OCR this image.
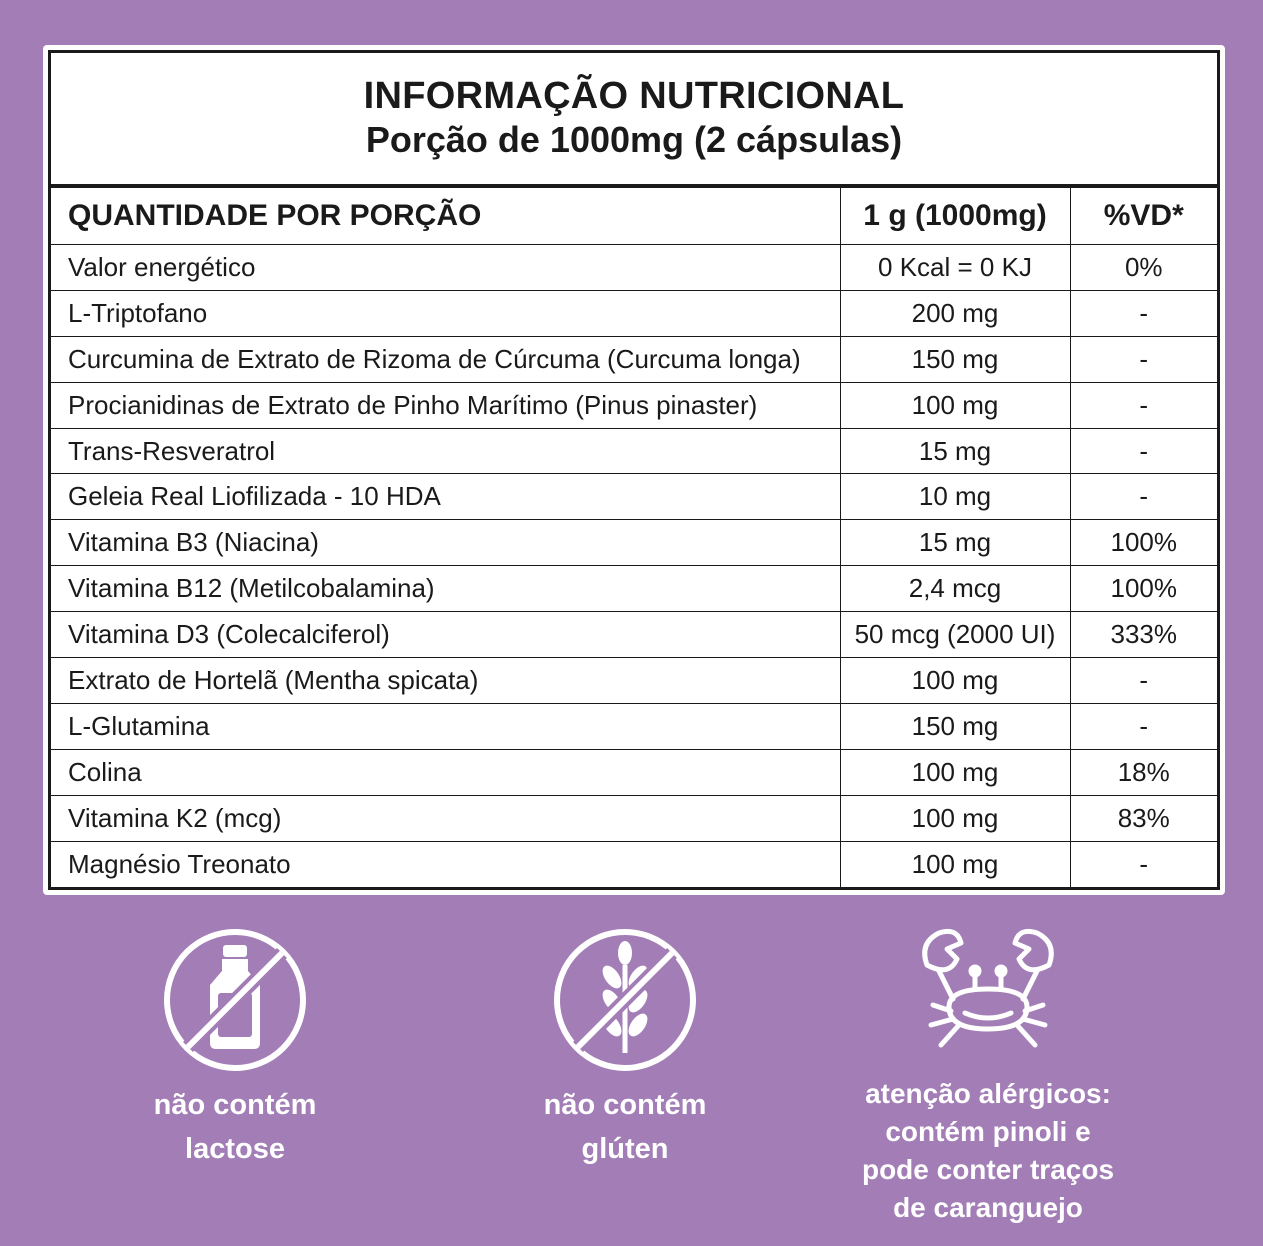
INFORMAÇÃO NUTRICIONAL
Porção de 1000mg (2 cápsulas)
QUANTIDADE POR PORÇÃO	1 g (1000mg)	%VD*
Valor energético	0 Kcal = 0 KJ	0%
L-Triptofano	200 mg	-
Curcumina de Extrato de Rizoma de Cúrcuma (Curcuma longa)	150 mg	-
Procianidinas de Extrato de Pinho Marítimo (Pinus pinaster)	100 mg	-
Trans-Resveratrol	15 mg	-
Geleia Real Liofilizada - 10 HDA	10 mg	-
Vitamina B3 (Niacina)	15 mg	100%
Vitamina B12 (Metilcobalamina)	2,4 mcg	100%
Vitamina D3 (Colecalciferol)	50 mcg (2000 UI)	333%
Extrato de Hortelã (Mentha spicata)	100 mg	-
L-Glutamina	150 mg	-
Colina	100 mg	18%
Vitamina K2 (mcg)	100 mg	83%
Magnésio Treonato	100 mg	-
não contém
lactose
não contém
glúten
atenção alérgicos:
contém pinoli e
pode conter traços
de caranguejo
